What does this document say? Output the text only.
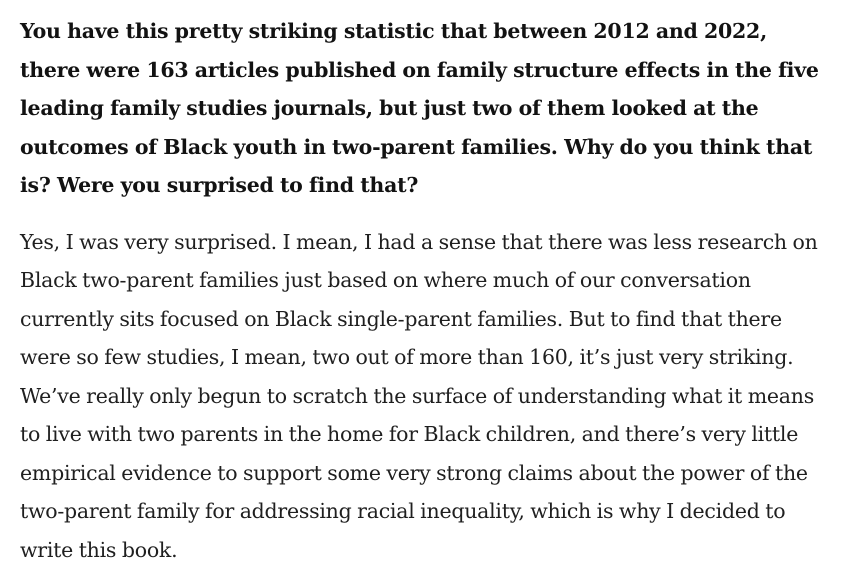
You have this pretty striking statistic that between 2012 and 2022, there were 163 articles published on family structure effects in the five leading family studies journals, but just two of them looked at the outcomes of Black youth in two-parent families. Why do you think that is? Were you surprised to find that?

Yes, I was very surprised. I mean, I had a sense that there was less research on Black two-parent families just based on where much of our conversation currently sits focused on Black single-parent families. But to find that there were so few studies, I mean, two out of more than 160, it’s just very striking. We’ve really only begun to scratch the surface of understanding what it means to live with two parents in the home for Black children, and there’s very little empirical evidence to support some very strong claims about the power of the two-parent family for addressing racial inequality, which is why I decided to write this book.
